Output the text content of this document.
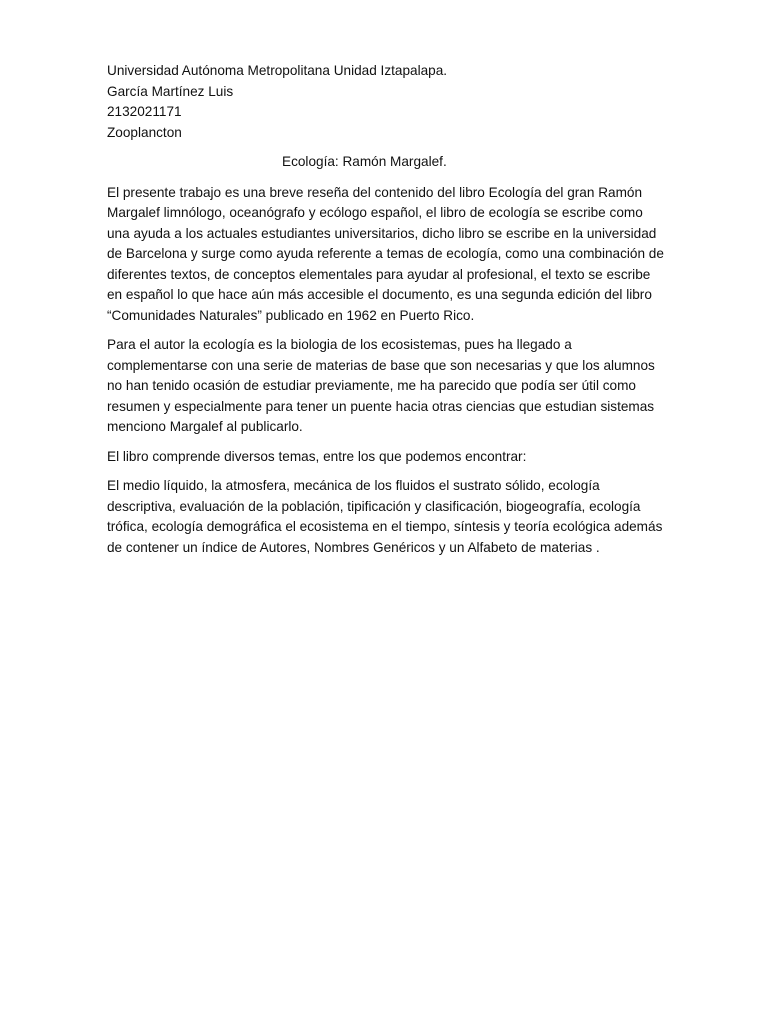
Universidad Autónoma Metropolitana Unidad Iztapalapa.

García Martínez Luis

2132021171

Zooplancton

Ecología: Ramón Margalef.

El presente trabajo es una breve reseña del contenido del libro Ecología del gran Ramón Margalef limnólogo, oceanógrafo y ecólogo español, el libro de ecología se escribe como una ayuda a los actuales estudiantes universitarios, dicho libro se escribe en la universidad de Barcelona y surge como ayuda referente a temas de ecología, como una combinación de diferentes textos, de conceptos elementales para ayudar al profesional, el texto se escribe en español lo que hace aún más accesible el documento, es una segunda edición del libro “Comunidades Naturales” publicado en 1962 en Puerto Rico.

Para el autor la ecología es la biologia de los ecosistemas, pues ha llegado a complementarse con una serie de materias de base que son necesarias y que los alumnos no han tenido ocasión de estudiar previamente, me ha parecido que podía ser útil como resumen y especialmente para tener un puente hacia otras ciencias que estudian sistemas menciono Margalef al publicarlo.

El libro comprende diversos temas, entre los que podemos encontrar:

El medio líquido, la atmosfera, mecánica de los fluidos el sustrato sólido, ecología descriptiva, evaluación de la población, tipificación y clasificación, biogeografía, ecología trófica, ecología demográfica el ecosistema en el tiempo, síntesis y teoría ecológica además de contener un índice de Autores, Nombres Genéricos y un Alfabeto de materias .
